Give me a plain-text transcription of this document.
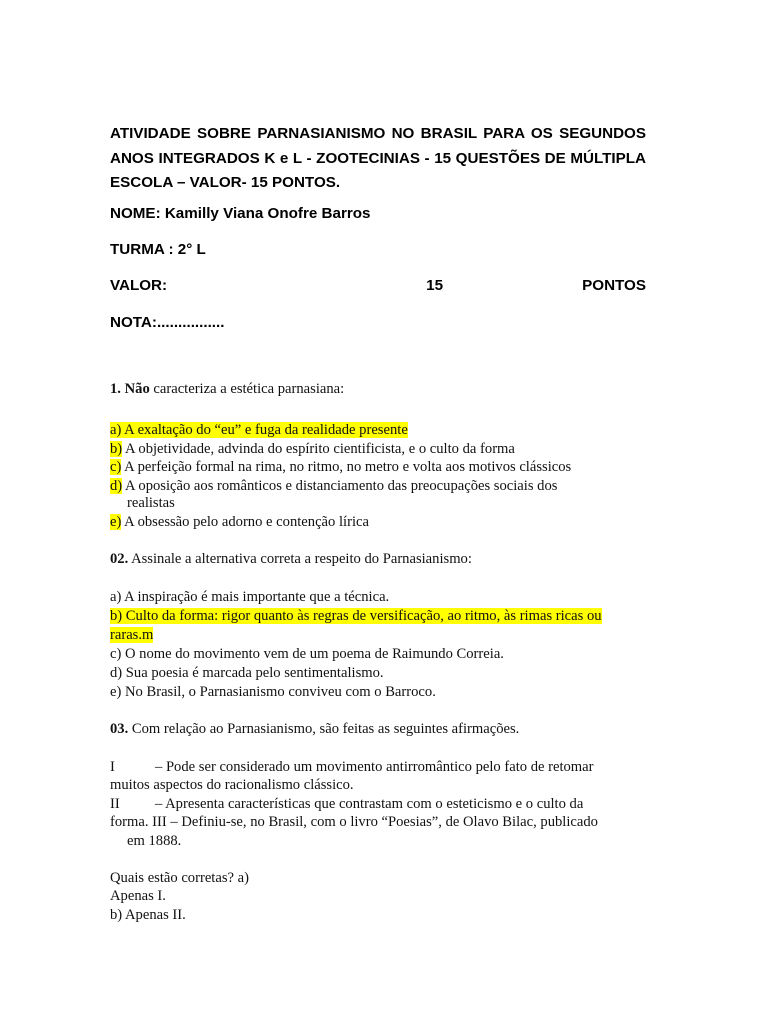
ATIVIDADE SOBRE PARNASIANISMO NO BRASIL PARA OS SEGUNDOS
ANOS INTEGRADOS K e L - ZOOTECINIAS - 15 QUESTÕES DE MÚLTIPLA
ESCOLA – VALOR- 15 PONTOS.
NOME: Kamilly Viana Onofre Barros
TURMA : 2° L
VALOR:	15	PONTOS
NOTA:................
1. Não caracteriza a estética parnasiana:
a) A exaltação do “eu” e fuga da realidade presente
b) A objetividade, advinda do espírito cientificista, e o culto da forma
c) A perfeição formal na rima, no ritmo, no metro e volta aos motivos clássicos
d) A oposição aos românticos e distanciamento das preocupações sociais dos
realistas
e) A obsessão pelo adorno e contenção lírica
02. Assinale a alternativa correta a respeito do Parnasianismo:
a) A inspiração é mais importante que a técnica.
b) Culto da forma: rigor quanto às regras de versificação, ao ritmo, às rimas ricas ou
raras.m
c) O nome do movimento vem de um poema de Raimundo Correia.
d) Sua poesia é marcada pelo sentimentalismo.
e) No Brasil, o Parnasianismo conviveu com o Barroco.
03. Com relação ao Parnasianismo, são feitas as seguintes afirmações.
I	– Pode ser considerado um movimento antirromântico pelo fato de retomar
muitos aspectos do racionalismo clássico.
II – Apresenta características que contrastam com o esteticismo e o culto da
forma. III – Definiu-se, no Brasil, com o livro “Poesias”, de Olavo Bilac, publicado
em 1888.
Quais estão corretas? a)
Apenas I.
b) Apenas II.
